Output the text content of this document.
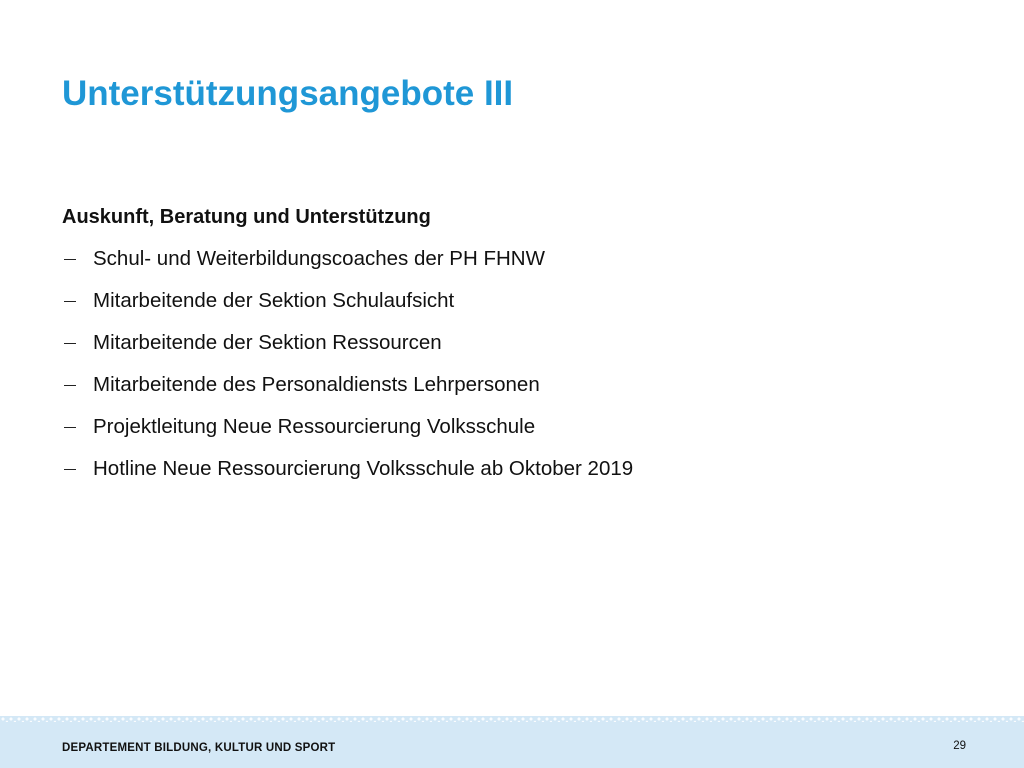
Unterstützungsangebote III
Auskunft, Beratung und Unterstützung
Schul- und Weiterbildungscoaches der PH FHNW
Mitarbeitende der Sektion Schulaufsicht
Mitarbeitende der Sektion Ressourcen
Mitarbeitende des Personaldiensts Lehrpersonen
Projektleitung Neue Ressourcierung Volksschule
Hotline Neue Ressourcierung Volksschule ab Oktober 2019
DEPARTEMENT BILDUNG, KULTUR UND SPORT	29
